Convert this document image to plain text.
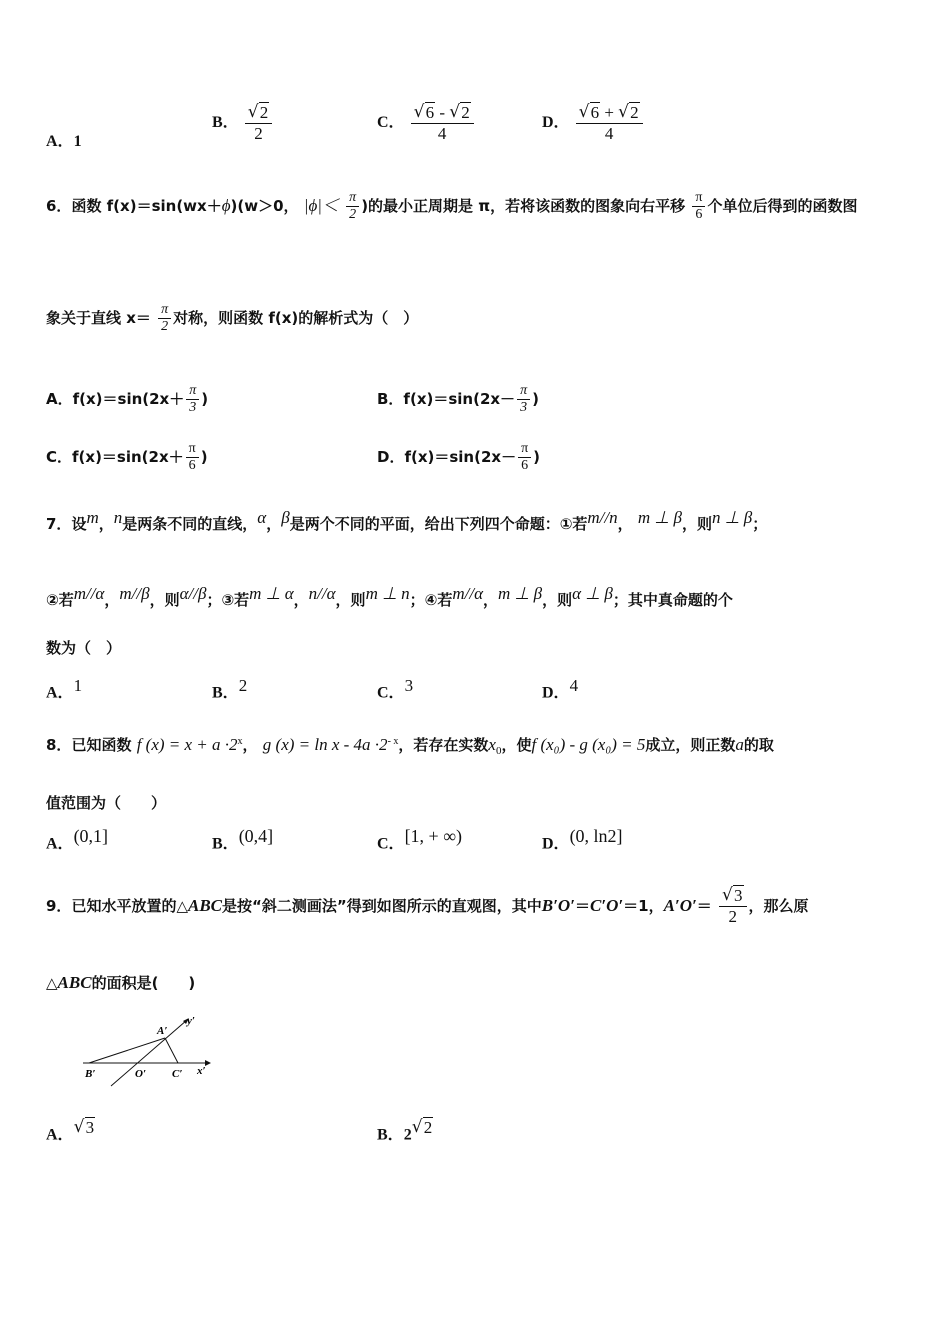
A．1
B． √ $\frac{2}{2}$	C． √ $\frac{6 - √ 2}{4}$	D． √ $\frac{6 + √ 2}{4}$
6．函数 f(x)＝sin(wx＋ϕ)(w＞0， $|\phi|< \frac{\pi}{2}$ )的最小正周期是 π，若将该函数的图象向右平移 $\frac{\pi}{6}$ 个单位后得到的函数图
象关于直线 $x= \frac{\pi}{2}$ 对称，则函数 f(x)的解析式为（　）
A．$f(x)=\sin(2x+ \frac{\pi}{3}$ )	B．$f(x)=\sin(2x- \frac{\pi}{3}$ )
C．$f(x)=\sin(2x+ \frac{\pi}{6}$ )	D．$f(x)=\sin(2x- \frac{\pi}{6}$ )
7．设$^m$，$^n$是两条不同的直线，$^\alpha$，$^\beta$是两个不同的平面，给出下列四个命题：①若$^{m//n}$， $^{m \perp \beta}$，则$^{n \perp \beta}$；
②若$^{m//\alpha}$，$^{m//\beta}$，则$^{\alpha//\beta}$；③若$^{m \perp \alpha}$，$^{n//\alpha}$，则$^{m \perp n}$；④若$^{m//\alpha}$，$^{m \perp \beta}$，则$^{\alpha \perp \beta}$；其中真命题的个
数为（　）
A．$^1$	B．$^2$	C．$^3$	D．$^4$
8．已知函数 f $(x) = x + a \cdot 2^x$， g $(x) = \ln x - 4a \cdot 2^{- x}$，若存在实数$x_0$，使f (x₀) - g (x₀) = 5成立，则正数a的取
值范围为（　　）
A．$^{(0,1]}$	B．$^{(0,4]}$	C．$^{[1, + \infty)}$	D．$^{(0, ln2]}$
9．已知水平放置的△ABC是按“斜二测画法”得到如图所示的直观图，其中B′O′＝C′O′＝1，A′O′＝ √ $\frac{3}{2}$ ，那么原
△ABC的面积是(　　)
A′
y′
B′	O′ C′ x′
A． √ $^3$	B．2 √ $^2$
